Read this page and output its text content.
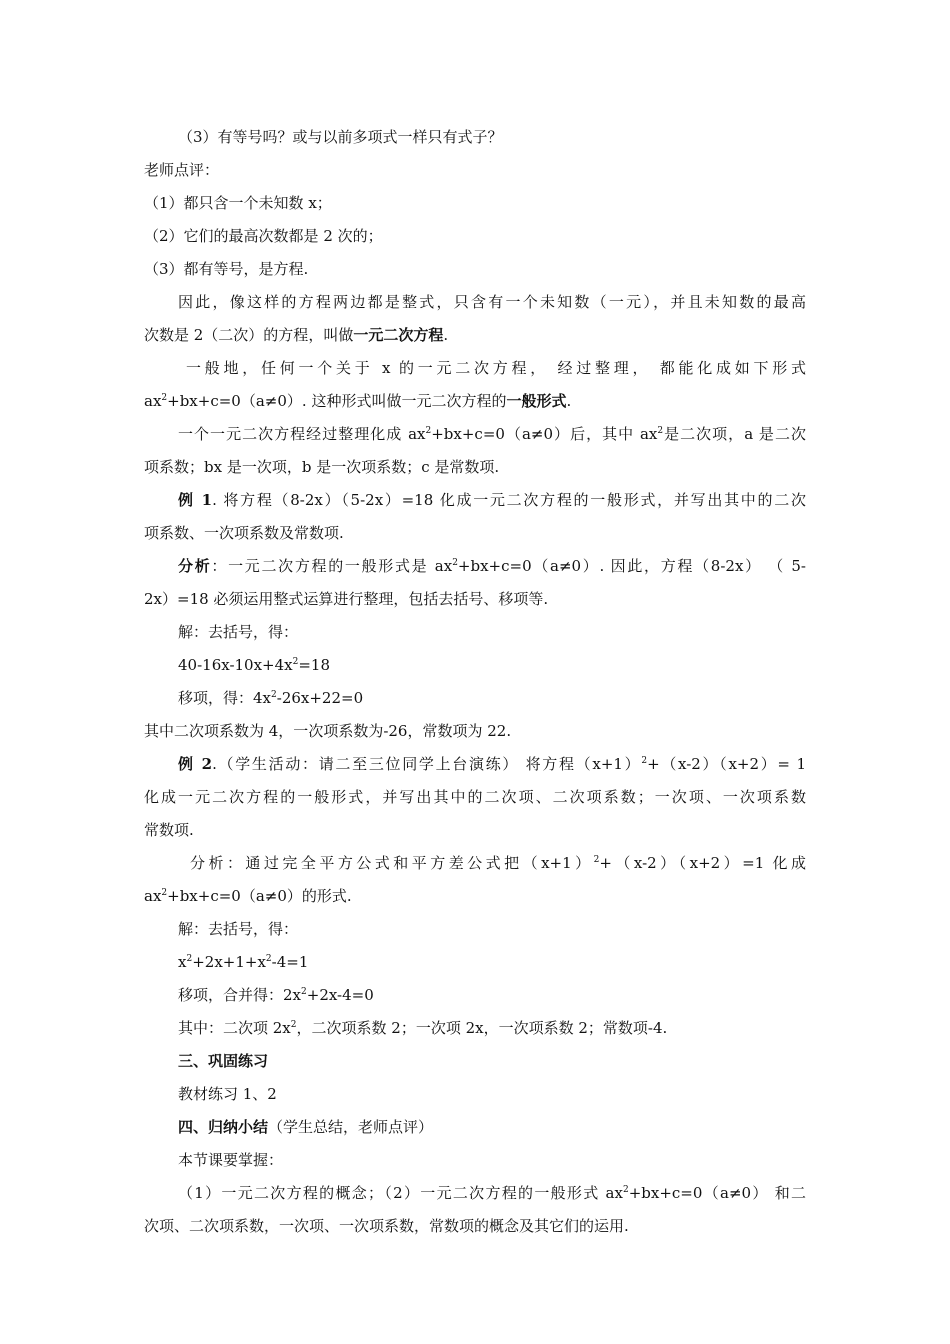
（3）有等号吗？或与以前多项式一样只有式子？
老师点评：
（1）都只含一个未知数 x；
（2）它们的最高次数都是 2 次的；
（3）都有等号，是方程.
因此，像这样的方程两边都是整式，只含有一个未知数（一元），并且未知数的最高
次数是 2（二次）的方程，叫做一元二次方程.
一般地，任何一个关于 x 的一元二次方程， 经过整理， 都能化成如下形式
$ax^2+bx+c=0(a\ne 0)$. 这种形式叫做一元二次方程的一般形式.
一个一元二次方程经过整理化成 $ax^2+bx+c=0(a\ne 0)$后，其中 $ax^2$是二次项，a 是二次
项系数；bx 是一次项，b 是一次项系数；c 是常数项.
例 1. 将方程（8-2x）（5-2x）=18 化成一元二次方程的一般形式，并写出其中的二次
项系数、一次项系数及常数项.
分析：一元二次方程的一般形式是 $ax^2+bx+c=0(a\ne 0)$. 因此，方程（8-2x） （ 5-
2x）=18 必须运用整式运算进行整理，包括去括号、移项等.
解：去括号，得：
$40-16x-10x+4x^2=18$
移项，得：$4x^2-26x+22=0$
其中二次项系数为 4，一次项系数为-26，常数项为 22.
例 2.（学生活动：请二至三位同学上台演练） 将方程$(x+1)^2+(x-2)(x+2)= 1$
化成一元二次方程的一般形式，并写出其中的二次项、二次项系数；一次项、一次项系数
常数项.
分析：通过完全平方公式和平方差公式把$(x+1)^2+(x-2)(x+2)=1$ 化成
$ax^2+bx+c=0(a\ne 0)$的形式.
解：去括号，得：
$x^2+2x+1+x^2-4=1$
移项，合并得：$2x^2+2x-4=0$
其中：二次项 $2x^2$，二次项系数 2；一次项 2x，一次项系数 2；常数项-4.
三、巩固练习
教材练习 1、2
四、归纳小结（学生总结，老师点评）
本节课要掌握：
（1）一元二次方程的概念；（2）一元二次方程的一般形式 $ax^2+bx+c=0(a\ne 0)$ 和二
次项、二次项系数，一次项、一次项系数，常数项的概念及其它们的运用.
